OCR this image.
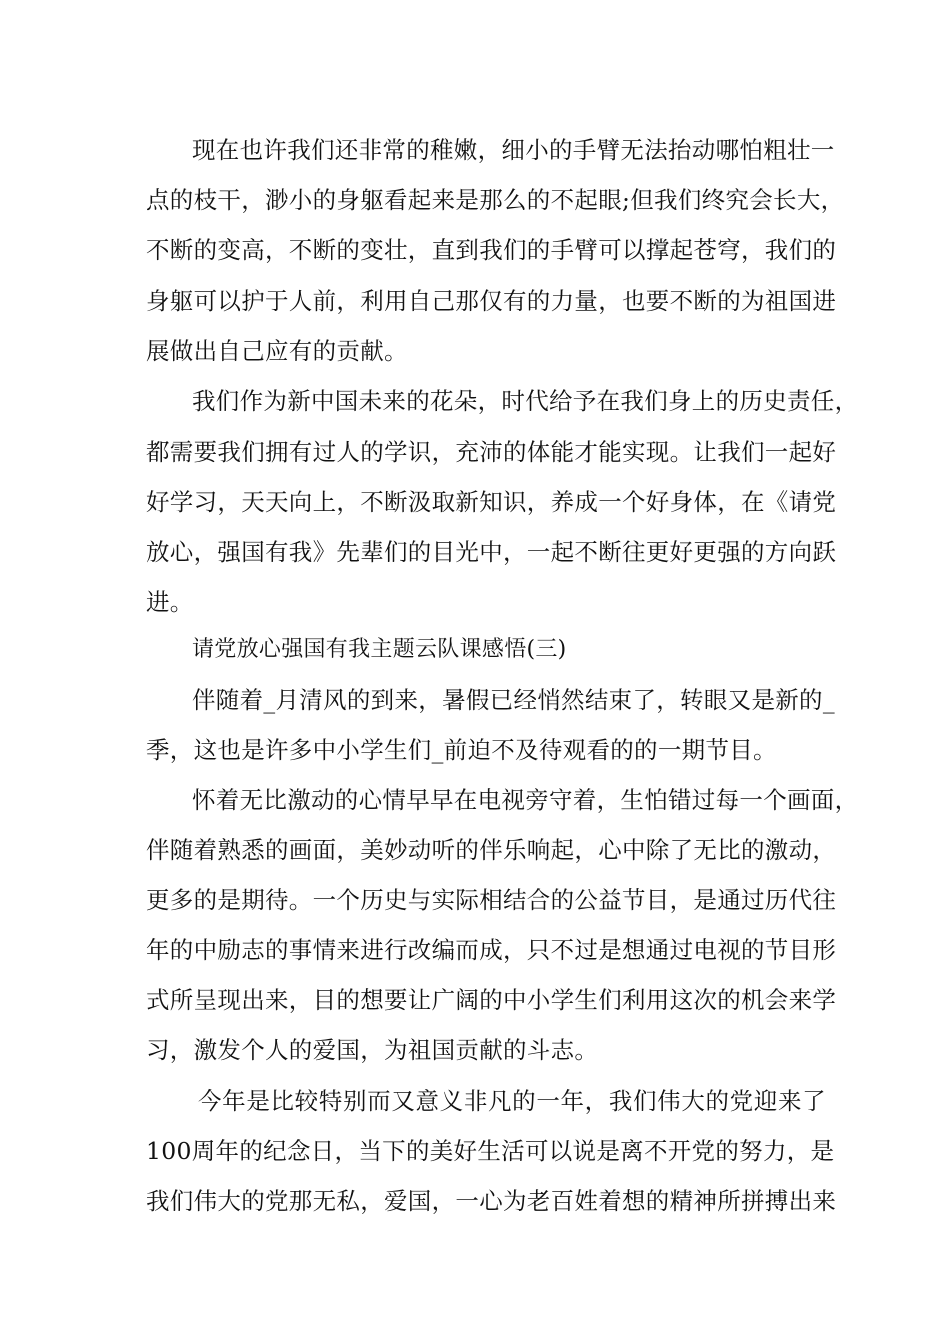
现在也许我们还非常的稚嫩，细小的手臂无法抬动哪怕粗壮一
点的枝干，渺小的身躯看起来是那么的不起眼;但我们终究会长大，
不断的变高，不断的变壮，直到我们的手臂可以撑起苍穹，我们的
身躯可以护于人前，利用自己那仅有的力量，也要不断的为祖国进
展做出自己应有的贡献。
我们作为新中国未来的花朵，时代给予在我们身上的历史责任，
都需要我们拥有过人的学识，充沛的体能才能实现。让我们一起好
好学习，天天向上，不断汲取新知识，养成一个好身体，在《请党
放心，强国有我》先辈们的目光中，一起不断往更好更强的方向跃
进。
请党放心强国有我主题云队课感悟(三)
伴随着_月清风的到来，暑假已经悄然结束了，转眼又是新的_
季，这也是许多中小学生们_前迫不及待观看的的一期节目。
怀着无比激动的心情早早在电视旁守着，生怕错过每一个画面，
伴随着熟悉的画面，美妙动听的伴乐响起，心中除了无比的激动，
更多的是期待。一个历史与实际相结合的公益节目，是通过历代往
年的中励志的事情来进行改编而成，只不过是想通过电视的节目形
式所呈现出来，目的想要让广阔的中小学生们利用这次的机会来学
习，激发个人的爱国，为祖国贡献的斗志。
今年是比较特别而又意义非凡的一年，我们伟大的党迎来了
100周年的纪念日，当下的美好生活可以说是离不开党的努力，是
我们伟大的党那无私，爱国，一心为老百姓着想的精神所拼搏出来
